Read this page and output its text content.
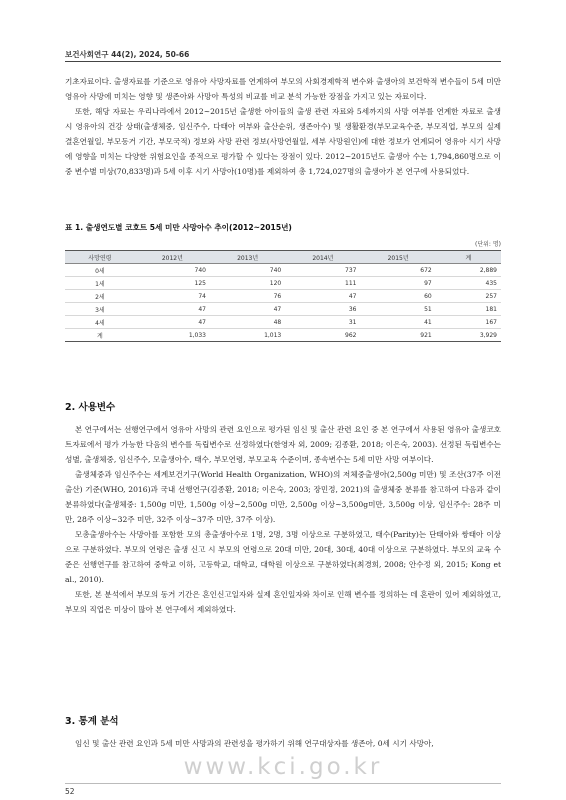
보건사회연구 44(2), 2024, 50-66

기초자료이다. 출생자료를 기준으로 영유아 사망자료를 연계하여 부모의 사회경제학적 변수와 출생아의 보건학적 변수들이 5세 미만 영유아 사망에 미치는 영향 및 생존아와 사망아 특성의 비교를 비교 분석 가능한 장점을 가지고 있는 자료이다.

또한, 해당 자료는 우리나라에서 2012~2015년 출생한 아이들의 출생 관련 자료와 5세까지의 사망 여부를 연계한 자료로 출생 시 영유아의 건강 상태(출생체중, 임신주수, 다태아 여부와 출산순위, 생존아수) 및 생활환경(부모교육수준, 부모직업, 부모의 실제 결혼연월일, 부모동거 기간, 부모국적) 정보와 사망 관련 정보(사망연월일, 세부 사망원인)에 대한 정보가 연계되어 영유아 시기 사망에 영향을 미치는 다양한 위험요인을 종적으로 평가할 수 있다는 장점이 있다. 2012~2015년도 출생아 수는 1,794,860명으로 이 중 변수별 미상(70,833명)과 5세 이후 시기 사망아(10명)를 제외하여 총 1,724,027명의 출생아가 본 연구에 사용되었다.

표 1. 출생연도별 코호트 5세 미만 사망아수 추이(2012~2015년)
(단위: 명)
사망연령	2012년	2013년	2014년	2015년	계
0세	740	740	737	672	2,889
1세	125	120	111	97	435
2세	74	76	47	60	257
3세	47	47	36	51	181
4세	47	48	31	41	167
계	1,033	1,013	962	921	3,929
2. 사용변수

본 연구에서는 선행연구에서 영유아 사망의 관련 요인으로 평가된 임신 및 출산 관련 요인 중 본 연구에서 사용된 영유아 출생코호트자료에서 평가 가능한 다음의 변수를 독립변수로 선정하였다(한영자 외, 2009; 김종환, 2018; 이은숙, 2003). 선정된 독립변수는 성별, 출생체중, 임신주수, 모출생아수, 태수, 부모연령, 부모교육 수준이며, 종속변수는 5세 미만 사망 여부이다.

출생체중과 임신주수는 세계보건기구(World Health Organization, WHO)의 저체중출생아(2,500g 미만) 및 조산(37주 이전 출산) 기준(WHO, 2016)과 국내 선행연구(김종환, 2018; 이은숙, 2003; 장민정, 2021)의 출생체중 분류를 참고하여 다음과 같이 분류하였다(출생체중: 1,500g 미만, 1,500g 이상~2,500g 미만, 2,500g 이상~3,500g미만, 3,500g 이상, 임신주수: 28주 미만, 28주 이상~32주 미만, 32주 이상~37주 미만, 37주 이상).

모총출생아수는 사망아를 포함한 모의 총출생아수로 1명, 2명, 3명 이상으로 구분하였고, 태수(Parity)는 단태아와 쌍태아 이상으로 구분하였다. 부모의 연령은 출생 신고 시 부모의 연령으로 20대 미만, 20대, 30대, 40대 이상으로 구분하였다. 부모의 교육 수준은 선행연구를 참고하여 중학교 이하, 고등학교, 대학교, 대학원 이상으로 구분하였다(최경희, 2008; 안수정 외, 2015; Kong et al., 2010).

또한, 본 분석에서 부모의 동거 기간은 혼인신고일자와 실제 혼인일자와 차이로 인해 변수를 정의하는 데 혼란이 있어 제외하였고, 부모의 직업은 미상이 많아 본 연구에서 제외하였다.

3. 통계 분석

임신 및 출산 관련 요인과 5세 미만 사망과의 관련성을 평가하기 위해 연구대상자를 생존아, 0세 시기 사망아,

www.kci.go.kr
52
